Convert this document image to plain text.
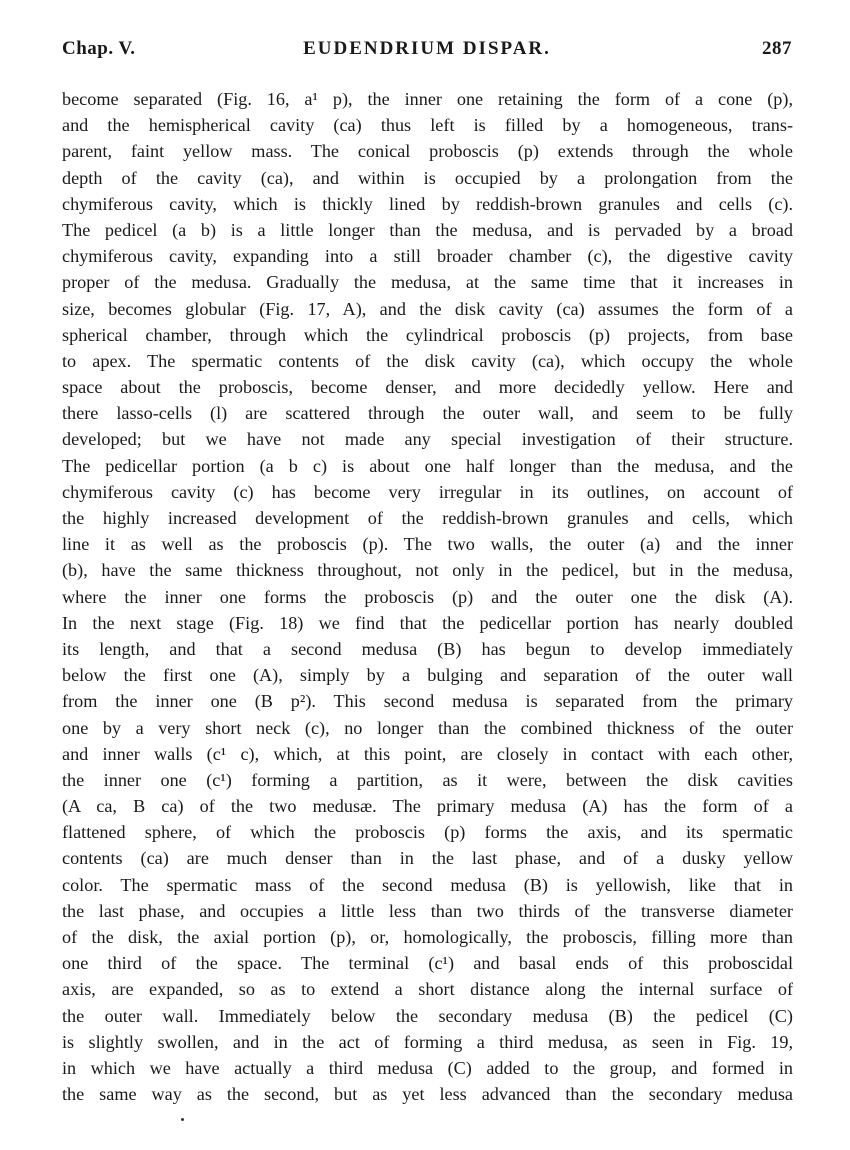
Chap. V.	EUDENDRIUM DISPAR.	287
become separated (Fig. 16, a¹ p), the inner one retaining the form of a cone (p),
and the hemispherical cavity (ca) thus left is filled by a homogeneous, trans-
parent, faint yellow mass. The conical proboscis (p) extends through the whole
depth of the cavity (ca), and within is occupied by a prolongation from the
chymiferous cavity, which is thickly lined by reddish-brown granules and cells (c).
The pedicel (a b) is a little longer than the medusa, and is pervaded by a broad
chymiferous cavity, expanding into a still broader chamber (c), the digestive cavity
proper of the medusa. Gradually the medusa, at the same time that it increases in
size, becomes globular (Fig. 17, A), and the disk cavity (ca) assumes the form of a
spherical chamber, through which the cylindrical proboscis (p) projects, from base
to apex. The spermatic contents of the disk cavity (ca), which occupy the whole
space about the proboscis, become denser, and more decidedly yellow. Here and
there lasso-cells (l) are scattered through the outer wall, and seem to be fully
developed; but we have not made any special investigation of their structure.
The pedicellar portion (a b c) is about one half longer than the medusa, and the
chymiferous cavity (c) has become very irregular in its outlines, on account of
the highly increased development of the reddish-brown granules and cells, which
line it as well as the proboscis (p). The two walls, the outer (a) and the inner
(b), have the same thickness throughout, not only in the pedicel, but in the medusa,
where the inner one forms the proboscis (p) and the outer one the disk (A).
In the next stage (Fig. 18) we find that the pedicellar portion has nearly doubled
its length, and that a second medusa (B) has begun to develop immediately
below the first one (A), simply by a bulging and separation of the outer wall
from the inner one (B p²). This second medusa is separated from the primary
one by a very short neck (c), no longer than the combined thickness of the outer
and inner walls (c¹ c), which, at this point, are closely in contact with each other,
the inner one (c¹) forming a partition, as it were, between the disk cavities
(A ca, B ca) of the two medusæ. The primary medusa (A) has the form of a
flattened sphere, of which the proboscis (p) forms the axis, and its spermatic
contents (ca) are much denser than in the last phase, and of a dusky yellow
color. The spermatic mass of the second medusa (B) is yellowish, like that in
the last phase, and occupies a little less than two thirds of the transverse diameter
of the disk, the axial portion (p), or, homologically, the proboscis, filling more than
one third of the space. The terminal (c¹) and basal ends of this proboscidal
axis, are expanded, so as to extend a short distance along the internal surface of
the outer wall. Immediately below the secondary medusa (B) the pedicel (C)
is slightly swollen, and in the act of forming a third medusa, as seen in Fig. 19,
in which we have actually a third medusa (C) added to the group, and formed in
the same way as the second, but as yet less advanced than the secondary medusa
